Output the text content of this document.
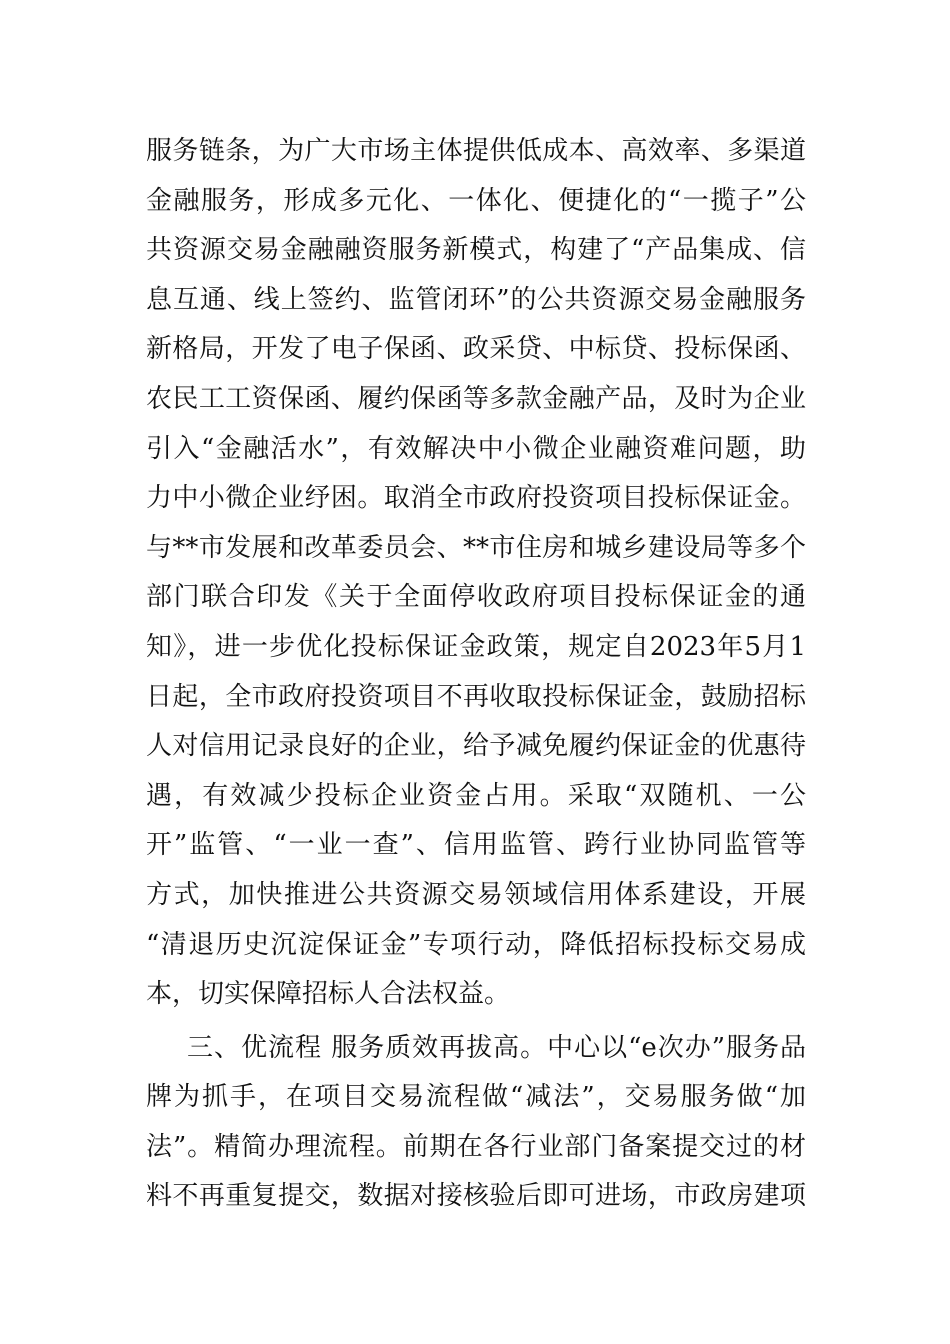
服务链条，为广大市场主体提供低成本、高效率、多渠道
金融服务，形成多元化、一体化、便捷化的“一揽子”公
共资源交易金融融资服务新模式，构建了“产品集成、信
息互通、线上签约、监管闭环”的公共资源交易金融服务
新格局，开发了电子保函、政采贷、中标贷、投标保函、
农民工工资保函、履约保函等多款金融产品，及时为企业
引入“金融活水”，有效解决中小微企业融资难问题，助
力中小微企业纾困。取消全市政府投资项目投标保证金。
与**市发展和改革委员会、**市住房和城乡建设局等多个
部门联合印发《关于全面停收政府项目投标保证金的通
知》，进一步优化投标保证金政策，规定自2023年5月1
日起，全市政府投资项目不再收取投标保证金，鼓励招标
人对信用记录良好的企业，给予减免履约保证金的优惠待
遇，有效减少投标企业资金占用。采取“双随机、一公
开”监管、“一业一查”、信用监管、跨行业协同监管等
方式，加快推进公共资源交易领域信用体系建设，开展
“清退历史沉淀保证金”专项行动，降低招标投标交易成
本，切实保障招标人合法权益。
三、优流程 服务质效再拔高。中心以“e次办”服务品
牌为抓手，在项目交易流程做“减法”，交易服务做“加
法”。精简办理流程。前期在各行业部门备案提交过的材
料不再重复提交，数据对接核验后即可进场，市政房建项
